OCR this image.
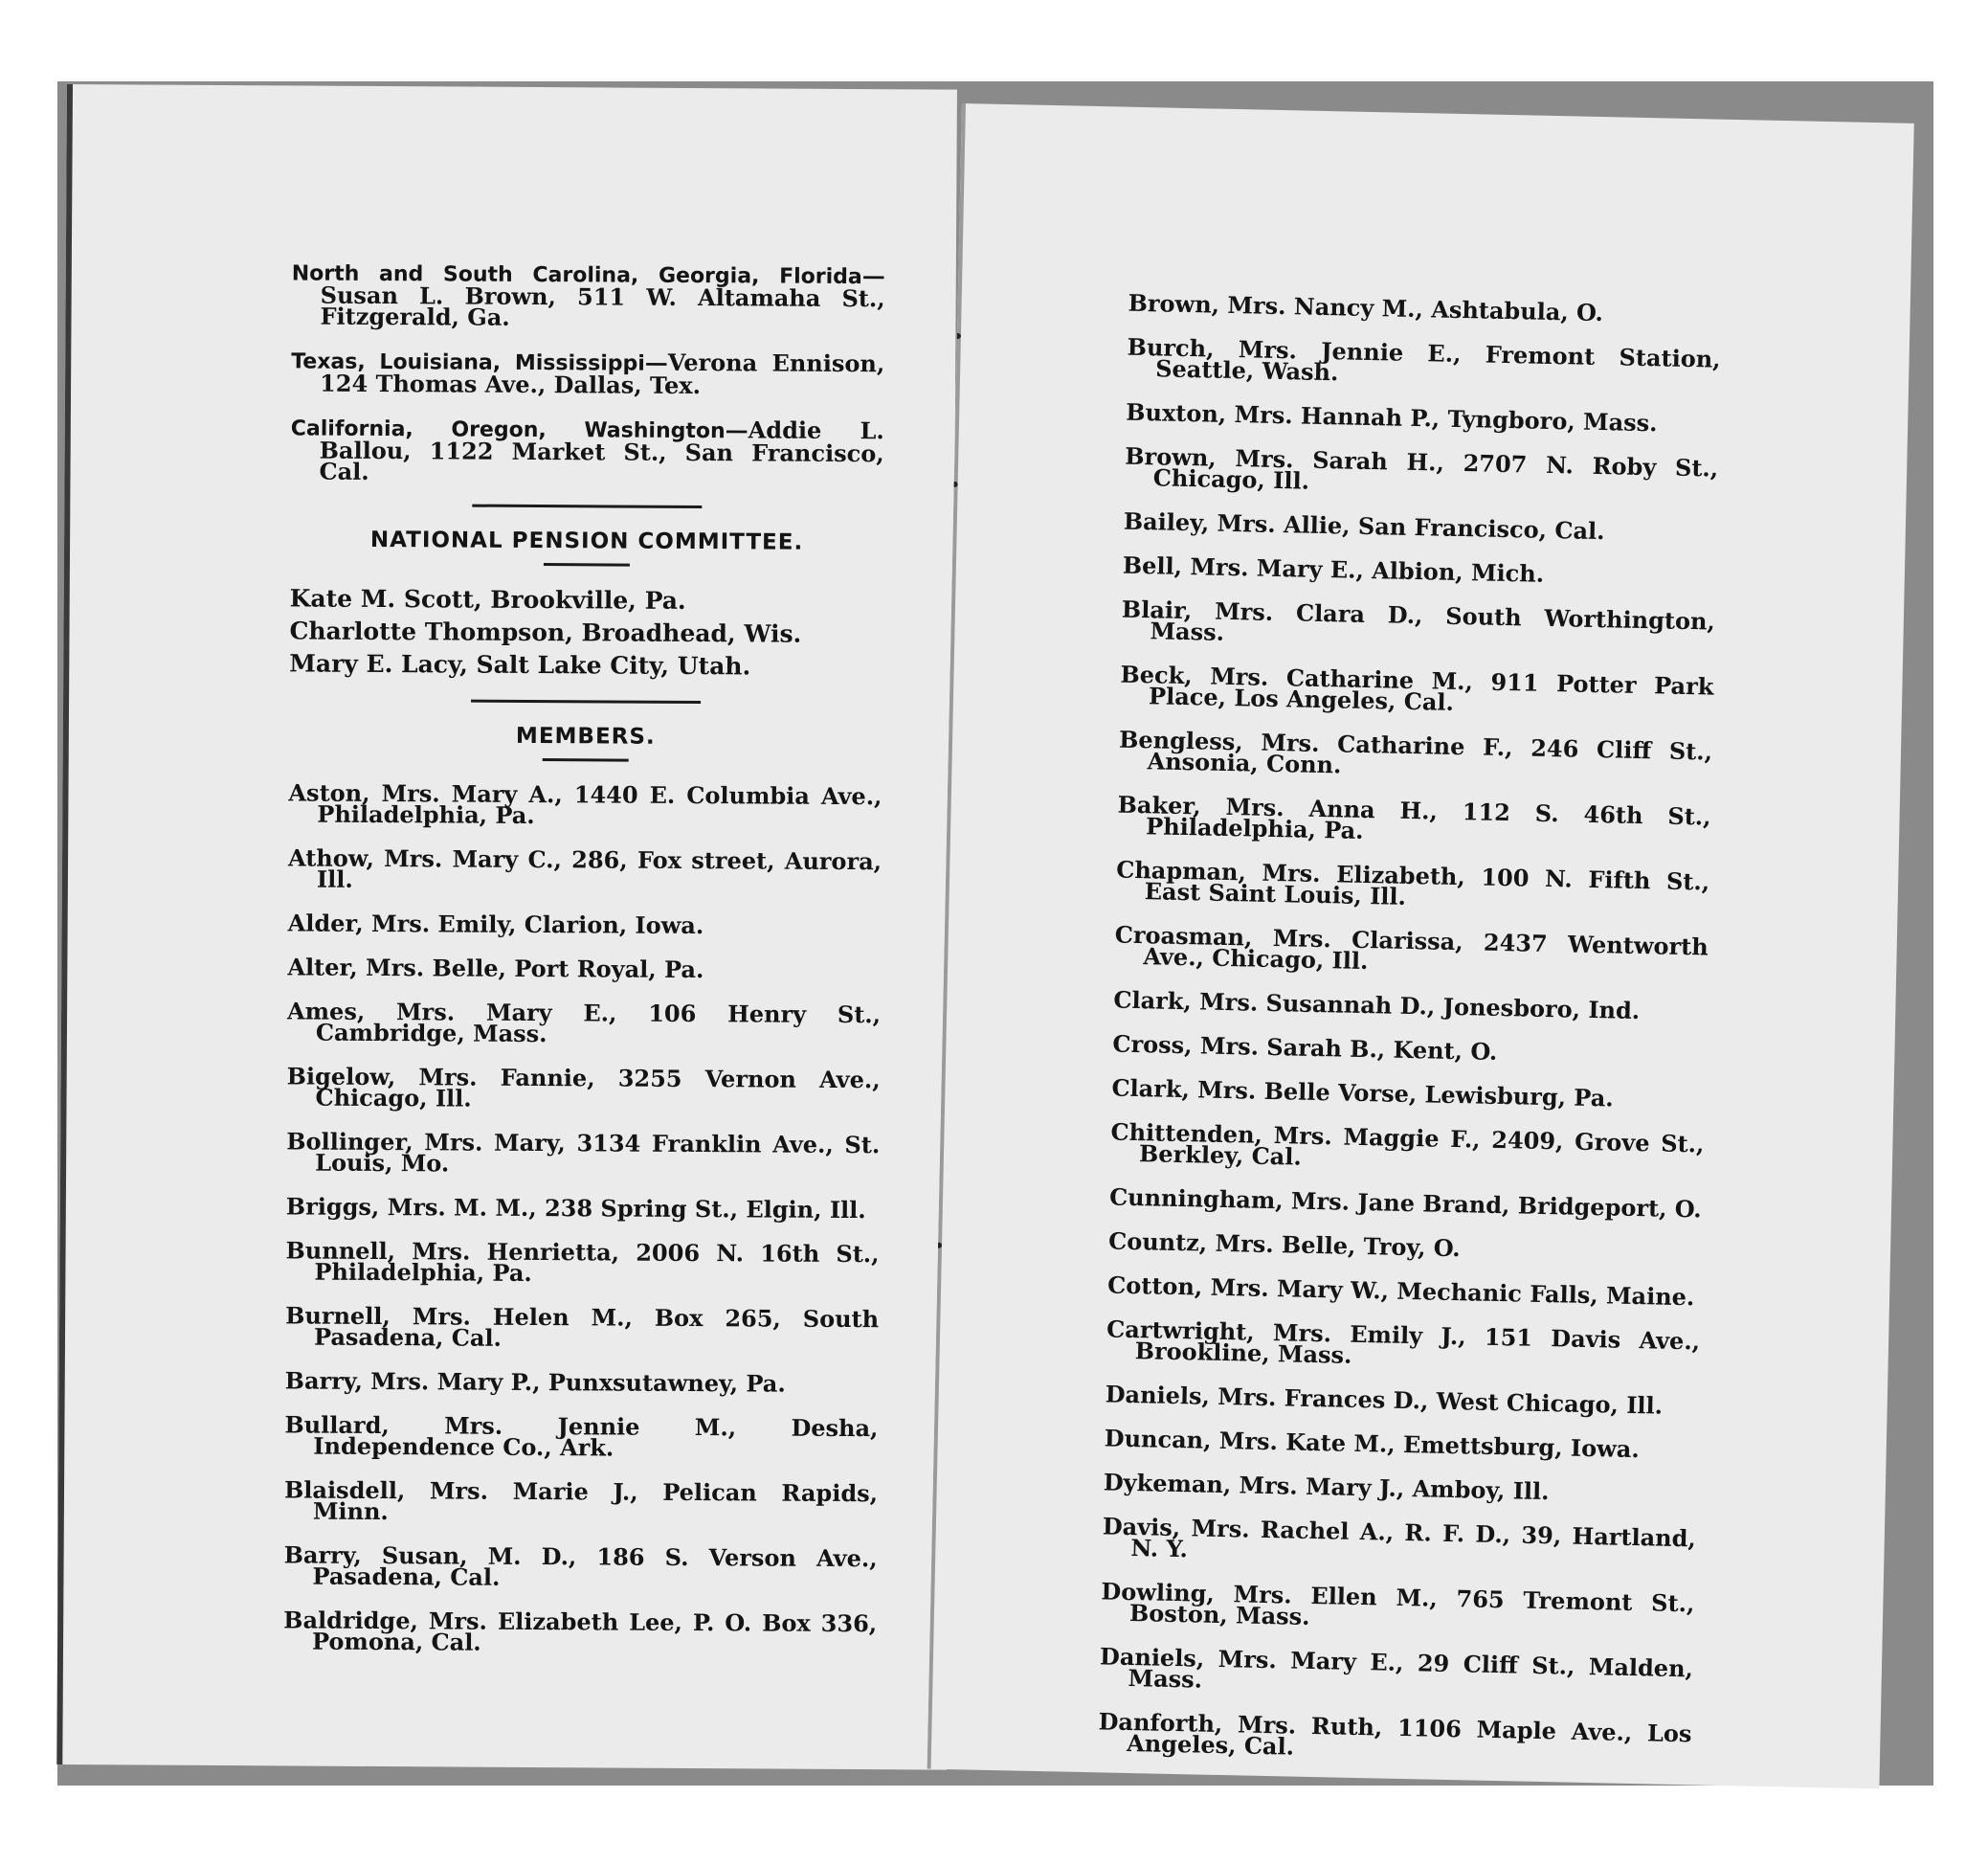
North and South Carolina, Georgia, Florida—Susan L. Brown, 511 W. Altamaha St., Fitzgerald, Ga.

Texas, Louisiana, Mississippi—Verona Ennison, 124 Thomas Ave., Dallas, Tex.

California, Oregon, Washington—Addie L. Ballou, 1122 Market St., San Francisco, Cal.

NATIONAL PENSION COMMITTEE.

Kate M. Scott, Brookville, Pa.

Charlotte Thompson, Broadhead, Wis.

Mary E. Lacy, Salt Lake City, Utah.

MEMBERS.

Aston, Mrs. Mary A., 1440 E. Columbia Ave., Philadelphia, Pa.

Athow, Mrs. Mary C., 286, Fox street, Aurora, Ill.

Alder, Mrs. Emily, Clarion, Iowa.

Alter, Mrs. Belle, Port Royal, Pa.

Ames, Mrs. Mary E., 106 Henry St., Cambridge, Mass.

Bigelow, Mrs. Fannie, 3255 Vernon Ave., Chicago, Ill.

Bollinger, Mrs. Mary, 3134 Franklin Ave., St. Louis, Mo.

Briggs, Mrs. M. M., 238 Spring St., Elgin, Ill.

Bunnell, Mrs. Henrietta, 2006 N. 16th St., Philadelphia, Pa.

Burnell, Mrs. Helen M., Box 265, South Pasadena, Cal.

Barry, Mrs. Mary P., Punxsutawney, Pa.

Bullard, Mrs. Jennie M., Desha, Independence Co., Ark.

Blaisdell, Mrs. Marie J., Pelican Rapids, Minn.

Barry, Susan, M. D., 186 S. Verson Ave., Pasadena, Cal.

Baldridge, Mrs. Elizabeth Lee, P. O. Box 336, Pomona, Cal.

Brown, Mrs. Nancy M., Ashtabula, O.

Burch, Mrs. Jennie E., Fremont Station, Seattle, Wash.

Buxton, Mrs. Hannah P., Tyngboro, Mass.

Brown, Mrs. Sarah H., 2707 N. Roby St., Chicago, Ill.

Bailey, Mrs. Allie, San Francisco, Cal.

Bell, Mrs. Mary E., Albion, Mich.

Blair, Mrs. Clara D., South Worthington, Mass.

Beck, Mrs. Catharine M., 911 Potter Park Place, Los Angeles, Cal.

Bengless, Mrs. Catharine F., 246 Cliff St., Ansonia, Conn.

Baker, Mrs. Anna H., 112 S. 46th St., Philadelphia, Pa.

Chapman, Mrs. Elizabeth, 100 N. Fifth St., East Saint Louis, Ill.

Croasman, Mrs. Clarissa, 2437 Wentworth Ave., Chicago, Ill.

Clark, Mrs. Susannah D., Jonesboro, Ind.

Cross, Mrs. Sarah B., Kent, O.

Clark, Mrs. Belle Vorse, Lewisburg, Pa.

Chittenden, Mrs. Maggie F., 2409, Grove St., Berkley, Cal.

Cunningham, Mrs. Jane Brand, Bridgeport, O.

Countz, Mrs. Belle, Troy, O.

Cotton, Mrs. Mary W., Mechanic Falls, Maine.

Cartwright, Mrs. Emily J., 151 Davis Ave., Brookline, Mass.

Daniels, Mrs. Frances D., West Chicago, Ill.

Duncan, Mrs. Kate M., Emettsburg, Iowa.

Dykeman, Mrs. Mary J., Amboy, Ill.

Davis, Mrs. Rachel A., R. F. D., 39, Hartland, N. Y.

Dowling, Mrs. Ellen M., 765 Tremont St., Boston, Mass.

Daniels, Mrs. Mary E., 29 Cliff St., Malden, Mass.

Danforth, Mrs. Ruth, 1106 Maple Ave., Los Angeles, Cal.
